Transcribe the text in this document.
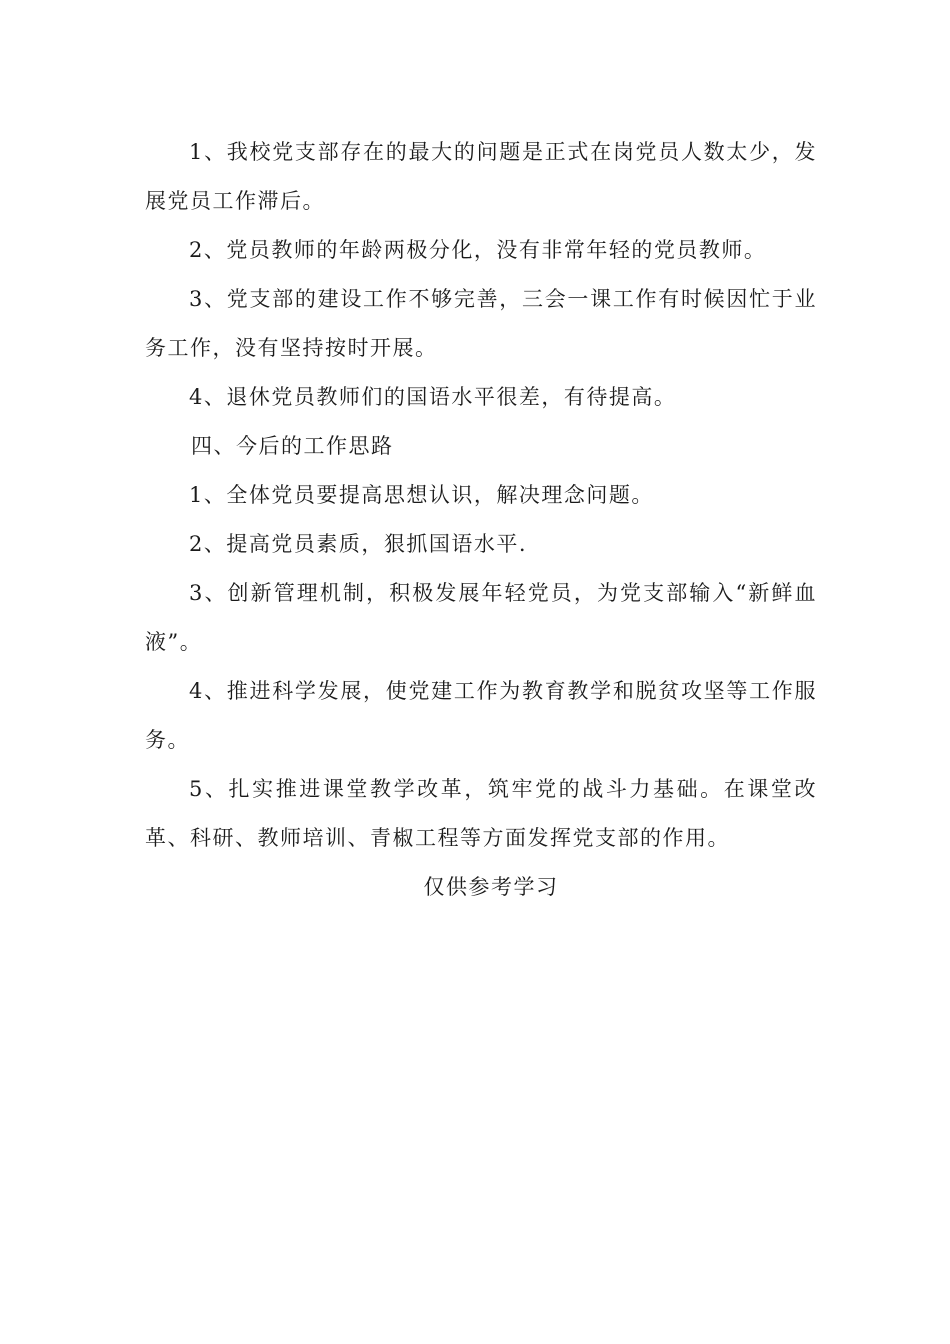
1、我校党支部存在的最大的问题是正式在岗党员人数太少，发展党员工作滞后。

2、党员教师的年龄两极分化，没有非常年轻的党员教师。

3、党支部的建设工作不够完善，三会一课工作有时候因忙于业务工作，没有坚持按时开展。

4、退休党员教师们的国语水平很差，有待提高。

四、今后的工作思路

1、全体党员要提高思想认识，解决理念问题。

2、提高党员素质，狠抓国语水平.

3、创新管理机制，积极发展年轻党员，为党支部输入“新鲜血液”。

4、推进科学发展，使党建工作为教育教学和脱贫攻坚等工作服务。

5、扎实推进课堂教学改革，筑牢党的战斗力基础。在课堂改革、科研、教师培训、青椒工程等方面发挥党支部的作用。

仅供参考学习
